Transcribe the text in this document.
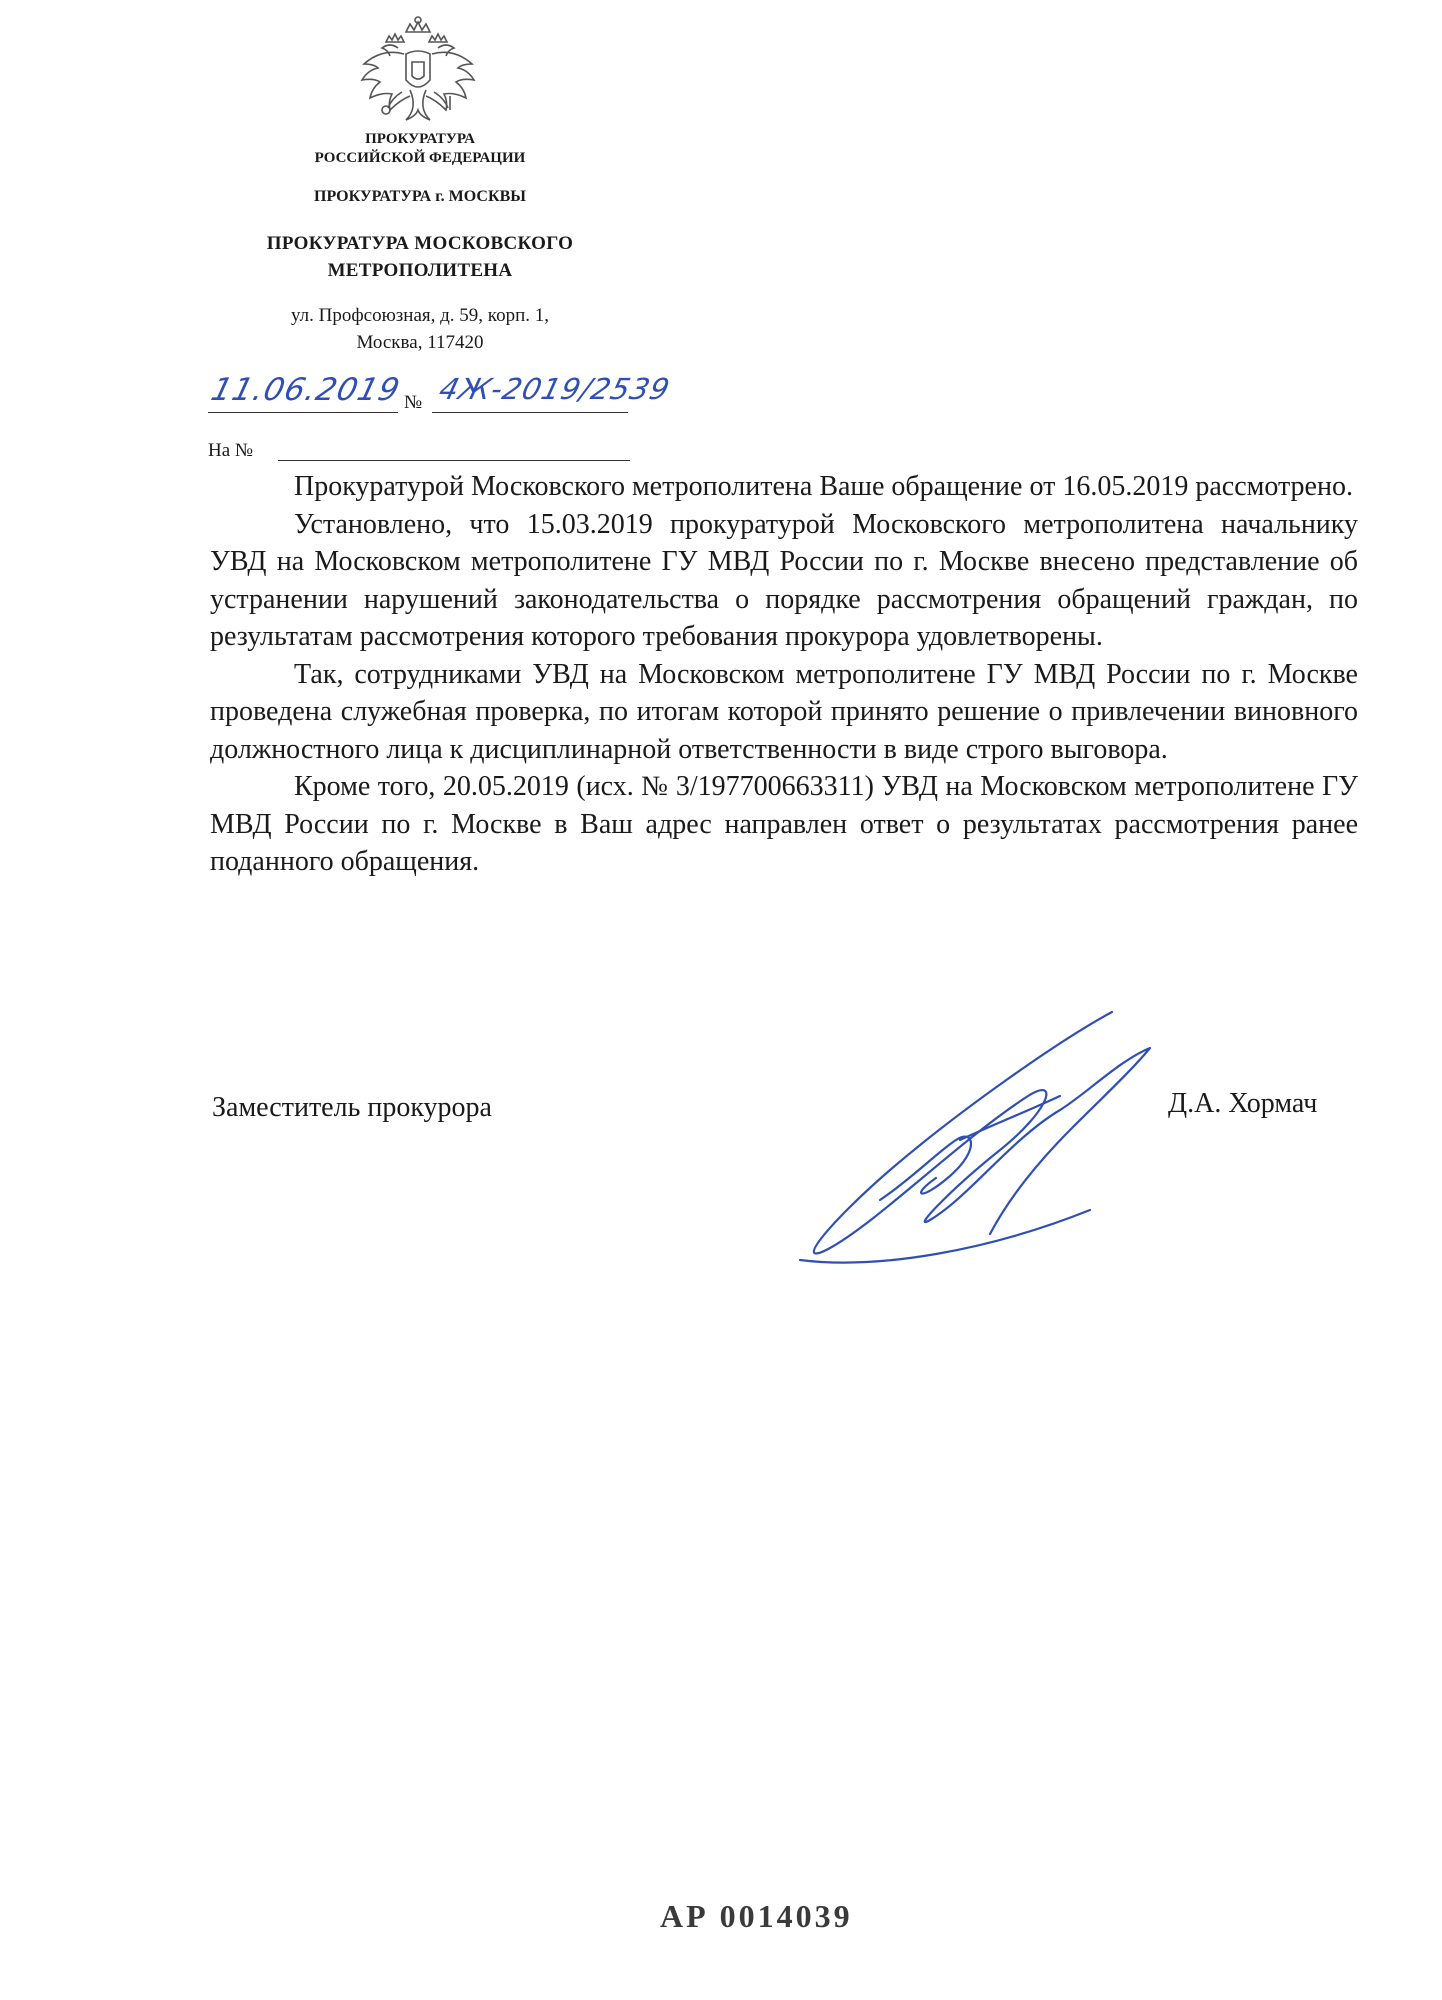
ПРОКУРАТУРА
РОССИЙСКОЙ ФЕДЕРАЦИИ
ПРОКУРАТУРА г. МОСКВЫ
ПРОКУРАТУРА МОСКОВСКОГО
МЕТРОПОЛИТЕНА
ул. Профсоюзная, д. 59, корп. 1,
Москва, 117420
11.06.2019 № 4Ж-2019/2539
На №

Прокуратурой Московского метрополитена Ваше обращение от 16.05.2019 рассмотрено.

Установлено, что 15.03.2019 прокуратурой Московского метрополитена начальнику УВД на Московском метрополитене ГУ МВД России по г. Москве внесено представление об устранении нарушений законодательства о порядке рассмотрения обращений граждан, по результатам рассмотрения которого требования прокурора удовлетворены.

Так, сотрудниками УВД на Московском метрополитене ГУ МВД России по г. Москве проведена служебная проверка, по итогам которой принято решение о привлечении виновного должностного лица к дисциплинарной ответственности в виде строго выговора.

Кроме того, 20.05.2019 (исх. № 3/197700663311) УВД на Московском метрополитене ГУ МВД России по г. Москве в Ваш адрес направлен ответ о результатах рассмотрения ранее поданного обращения.

Заместитель прокурора	Д.А. Хормач
АР 0014039
